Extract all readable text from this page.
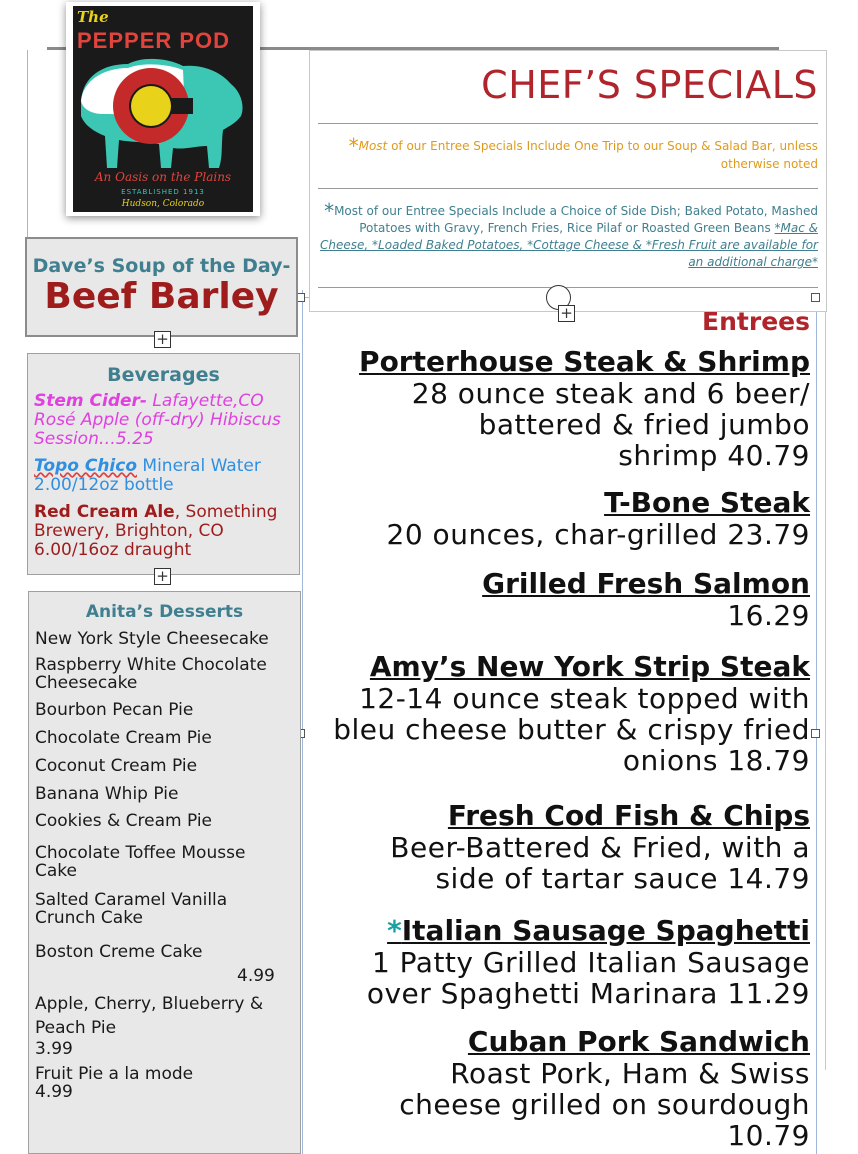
The
PEPPER POD
An Oasis on the Plains
ESTABLISHED 1913
Hudson, Colorado
CHEF’S SPECIALS
*Most of our Entree Specials Include One Trip to our Soup & Salad Bar, unless otherwise noted
*Most of our Entree Specials Include a Choice of Side Dish; Baked Potato, Mashed Potatoes with Gravy, French Fries, Rice Pilaf or Roasted Green Beans *Mac & Cheese, *Loaded Baked Potatoes, *Cottage Cheese & *Fresh Fruit are available for an additional charge*
+
Dave’s Soup of the Day-
Beef Barley
+
Beverages
Stem Cider- Lafayette,CO Rosé Apple (off-dry) Hibiscus Session…5.25
Topo Chico Mineral Water 2.00/12oz bottle
Red Cream Ale, Something Brewery, Brighton, CO 6.00/16oz draught
+
Anita’s Desserts
New York Style Cheesecake
Raspberry White Chocolate Cheesecake
Bourbon Pecan Pie
Chocolate Cream Pie
Coconut Cream Pie
Banana Whip Pie
Cookies & Cream Pie
Chocolate Toffee Mousse Cake
Salted Caramel Vanilla Crunch Cake
Boston Creme Cake
4.99
Apple, Cherry, Blueberry & Peach Pie
3.99
Fruit Pie a la mode 4.99
Entrees
Porterhouse Steak & Shrimp
28 ounce steak and 6 beer/ battered & fried jumbo shrimp 40.79
T-Bone Steak
20 ounces, char-grilled 23.79
Grilled Fresh Salmon
16.29
Amy’s New York Strip Steak
12-14 ounce steak topped with bleu cheese butter & crispy fried onions 18.79
Fresh Cod Fish & Chips
Beer-Battered & Fried, with a side of tartar sauce 14.79
*Italian Sausage Spaghetti
1 Patty Grilled Italian Sausage over Spaghetti Marinara 11.29
Cuban Pork Sandwich
Roast Pork, Ham & Swiss cheese grilled on sourdough 10.79
